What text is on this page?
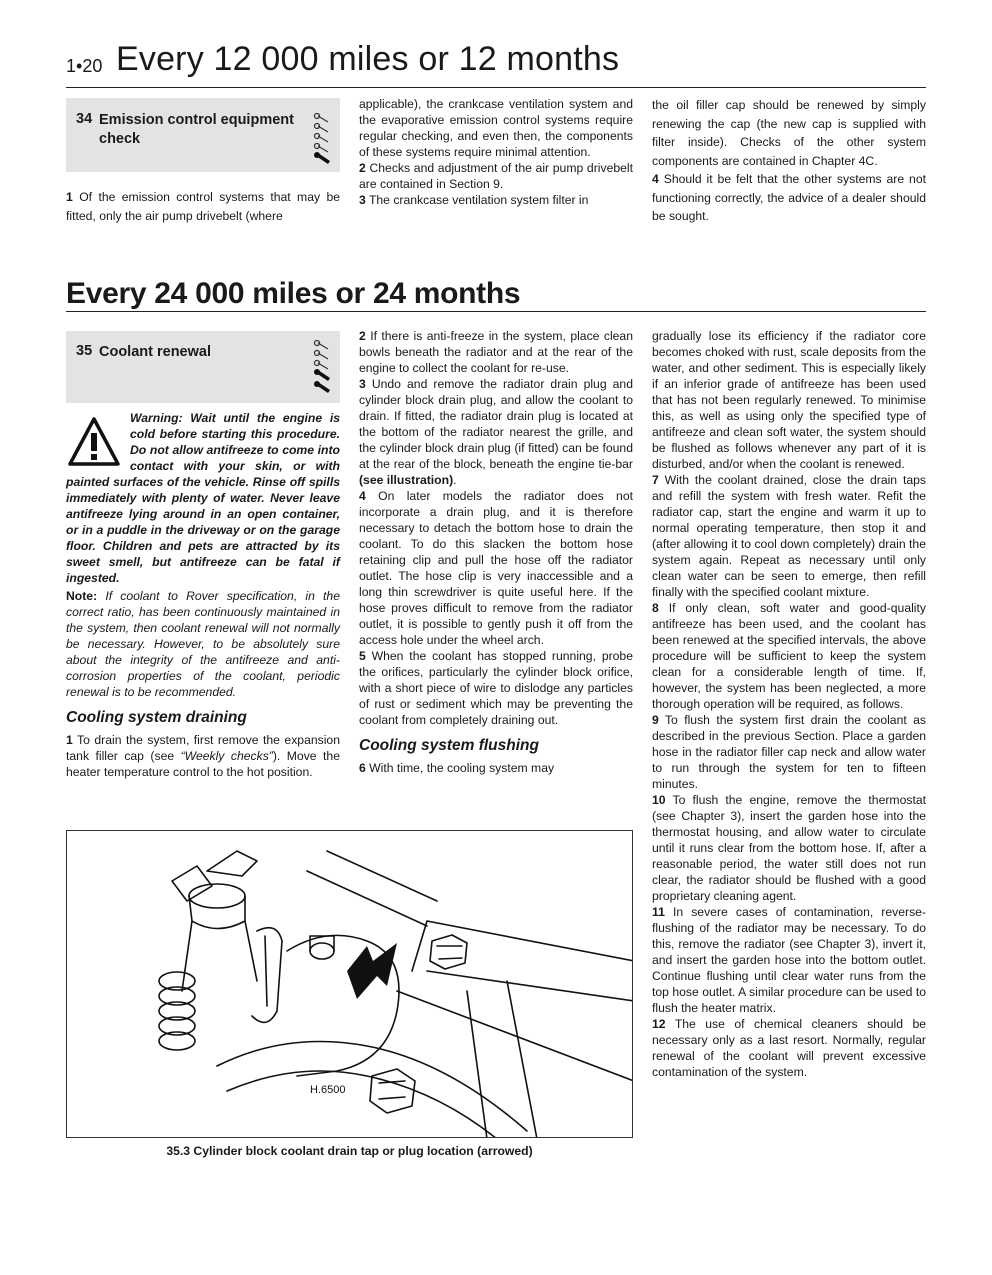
1•20 Every 12 000 miles or 12 months
34 Emission control equipment
check

1 Of the emission control systems that may be fitted, only the air pump drivebelt (where

applicable), the crankcase ventilation system and the evaporative emission control systems require regular checking, and even then, the components of these systems require minimal attention.

2 Checks and adjustment of the air pump drivebelt are contained in Section 9.

3 The crankcase ventilation system filter in

the oil filler cap should be renewed by simply renewing the cap (the new cap is supplied with filter inside). Checks of the other system components are contained in Chapter 4C.

4 Should it be felt that the other systems are not functioning correctly, the advice of a dealer should be sought.

Every 24 000 miles or 24 months
35 Coolant renewal

Warning: Wait until the engine is cold before starting this procedure. Do not allow antifreeze to come into contact with your skin, or with painted surfaces of the vehicle. Rinse off spills immediately with plenty of water. Never leave antifreeze lying around in an open container, or in a puddle in the driveway or on the garage floor. Children and pets are attracted by its sweet smell, but antifreeze can be fatal if ingested.

Note: If coolant to Rover specification, in the correct ratio, has been continuously maintained in the system, then coolant renewal will not normally be necessary. However, to be absolutely sure about the integrity of the antifreeze and anti-corrosion properties of the coolant, periodic renewal is to be recommended.

Cooling system draining

1 To drain the system, first remove the expansion tank filler cap (see “Weekly checks”). Move the heater temperature control to the hot position.

2 If there is anti-freeze in the system, place clean bowls beneath the radiator and at the rear of the engine to collect the coolant for re-use.

3 Undo and remove the radiator drain plug and cylinder block drain plug, and allow the coolant to drain. If fitted, the radiator drain plug is located at the bottom of the radiator nearest the grille, and the cylinder block drain plug (if fitted) can be found at the rear of the block, beneath the engine tie-bar (see illustration).

4 On later models the radiator does not incorporate a drain plug, and it is therefore necessary to detach the bottom hose to drain the coolant. To do this slacken the bottom hose retaining clip and pull the hose off the radiator outlet. The hose clip is very inaccessible and a long thin screwdriver is quite useful here. If the hose proves difficult to remove from the radiator outlet, it is possible to gently push it off from the access hole under the wheel arch.

5 When the coolant has stopped running, probe the orifices, particularly the cylinder block orifice, with a short piece of wire to dislodge any particles of rust or sediment which may be preventing the coolant from completely draining out.

Cooling system flushing

6 With time, the cooling system may

gradually lose its efficiency if the radiator core becomes choked with rust, scale deposits from the water, and other sediment. This is especially likely if an inferior grade of antifreeze has been used that has not been regularly renewed. To minimise this, as well as using only the specified type of antifreeze and clean soft water, the system should be flushed as follows whenever any part of it is disturbed, and/or when the coolant is renewed.

7 With the coolant drained, close the drain taps and refill the system with fresh water. Refit the radiator cap, start the engine and warm it up to normal operating temperature, then stop it and (after allowing it to cool down completely) drain the system again. Repeat as necessary until only clean water can be seen to emerge, then refill finally with the specified coolant mixture.

8 If only clean, soft water and good-quality antifreeze has been used, and the coolant has been renewed at the specified intervals, the above procedure will be sufficient to keep the system clean for a considerable length of time. If, however, the system has been neglected, a more thorough operation will be required, as follows.

9 To flush the system first drain the coolant as described in the previous Section. Place a garden hose in the radiator filler cap neck and allow water to run through the system for ten to fifteen minutes.

10 To flush the engine, remove the thermostat (see Chapter 3), insert the garden hose into the thermostat housing, and allow water to circulate until it runs clear from the bottom hose. If, after a reasonable period, the water still does not run clear, the radiator should be flushed with a good proprietary cleaning agent.

11 In severe cases of contamination, reverse-flushing of the radiator may be necessary. To do this, remove the radiator (see Chapter 3), invert it, and insert the garden hose into the bottom outlet. Continue flushing until clear water runs from the top hose outlet. A similar procedure can be used to flush the heater matrix.

12 The use of chemical cleaners should be necessary only as a last resort. Normally, regular renewal of the coolant will prevent excessive contamination of the system.

H.6500
35.3 Cylinder block coolant drain tap or plug location (arrowed)
